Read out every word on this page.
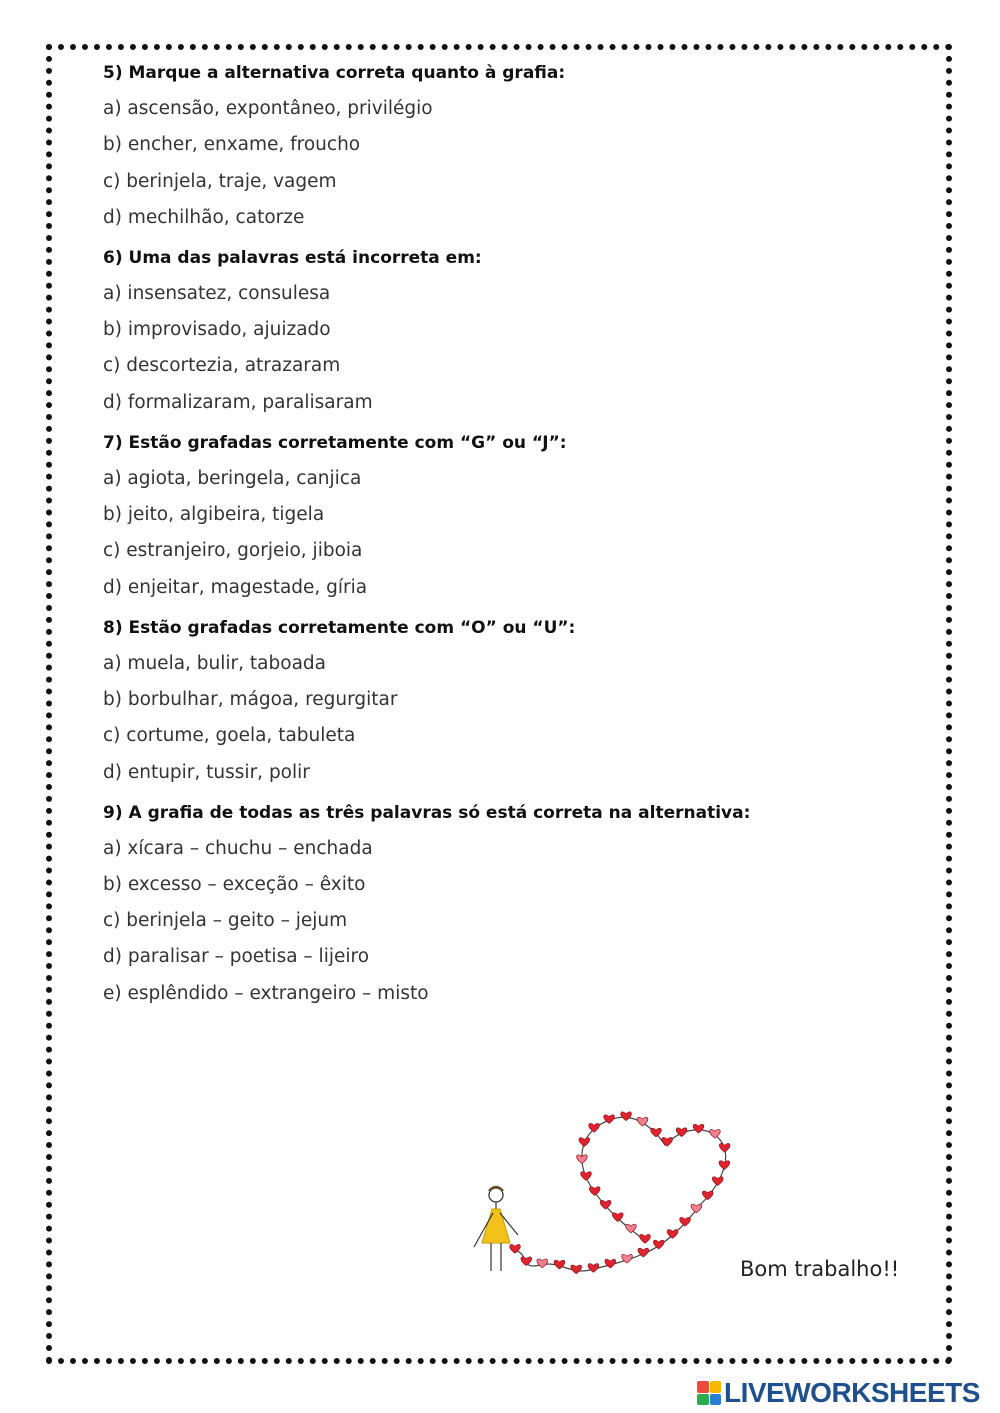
5) Marque a alternativa correta quanto à grafia:
a) ascensão, expontâneo, privilégio
b) encher, enxame, froucho
c) berinjela, traje, vagem
d) mechilhão, catorze
6) Uma das palavras está incorreta em:
a) insensatez, consulesa
b) improvisado, ajuizado
c) descortezia, atrazaram
d) formalizaram, paralisaram
7) Estão grafadas corretamente com “G” ou “J”:
a) agiota, beringela, canjica
b) jeito, algibeira, tigela
c) estranjeiro, gorjeio, jiboia
d) enjeitar, magestade, gíria
8) Estão grafadas corretamente com “O” ou “U”:
a) muela, bulir, taboada
b) borbulhar, mágoa, regurgitar
c) cortume, goela, tabuleta
d) entupir, tussir, polir
9) A grafia de todas as três palavras só está correta na alternativa:
a) xícara – chuchu – enchada
b) excesso – exceção – êxito
c) berinjela – geito – jejum
d) paralisar – poetisa – lijeiro
e) esplêndido – extrangeiro – misto
Bom trabalho!!
LIVEWORKSHEETS
